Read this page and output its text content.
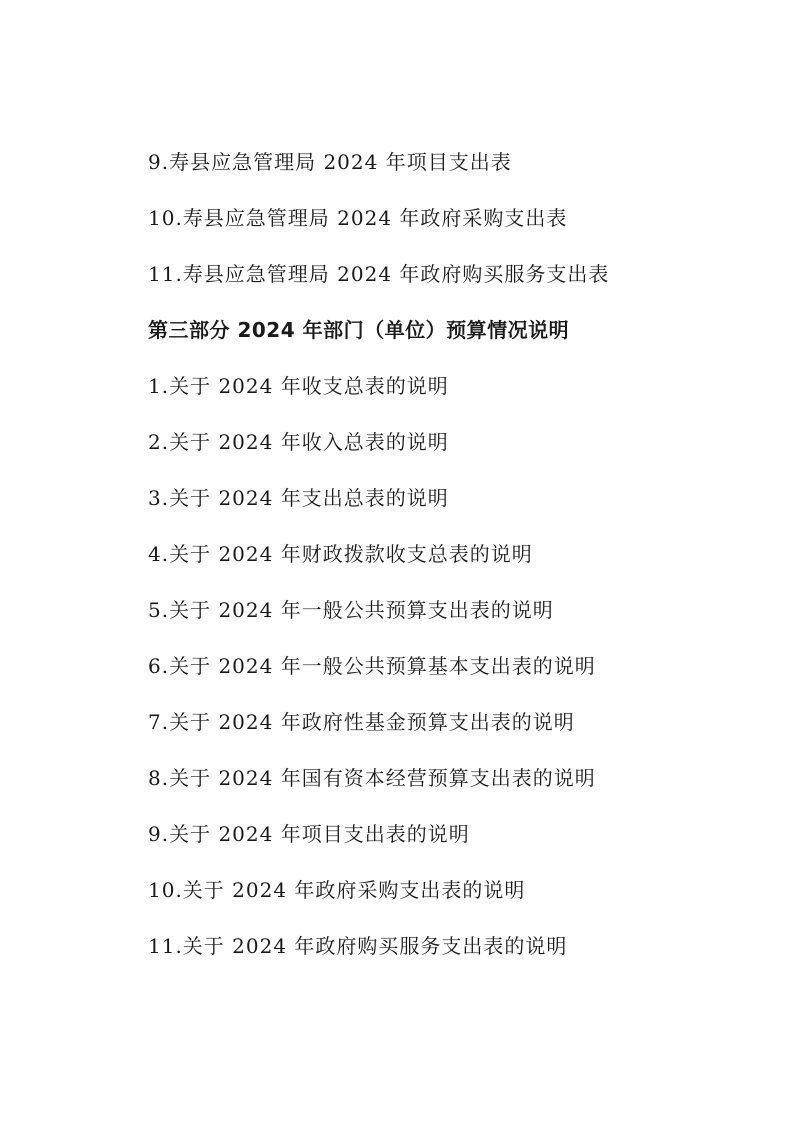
9.寿县应急管理局 2024 年项目支出表
10.寿县应急管理局 2024 年政府采购支出表
11.寿县应急管理局 2024 年政府购买服务支出表
第三部分 2024 年部门（单位）预算情况说明
1.关于 2024 年收支总表的说明
2.关于 2024 年收入总表的说明
3.关于 2024 年支出总表的说明
4.关于 2024 年财政拨款收支总表的说明
5.关于 2024 年一般公共预算支出表的说明
6.关于 2024 年一般公共预算基本支出表的说明
7.关于 2024 年政府性基金预算支出表的说明
8.关于 2024 年国有资本经营预算支出表的说明
9.关于 2024 年项目支出表的说明
10.关于 2024 年政府采购支出表的说明
11.关于 2024 年政府购买服务支出表的说明
